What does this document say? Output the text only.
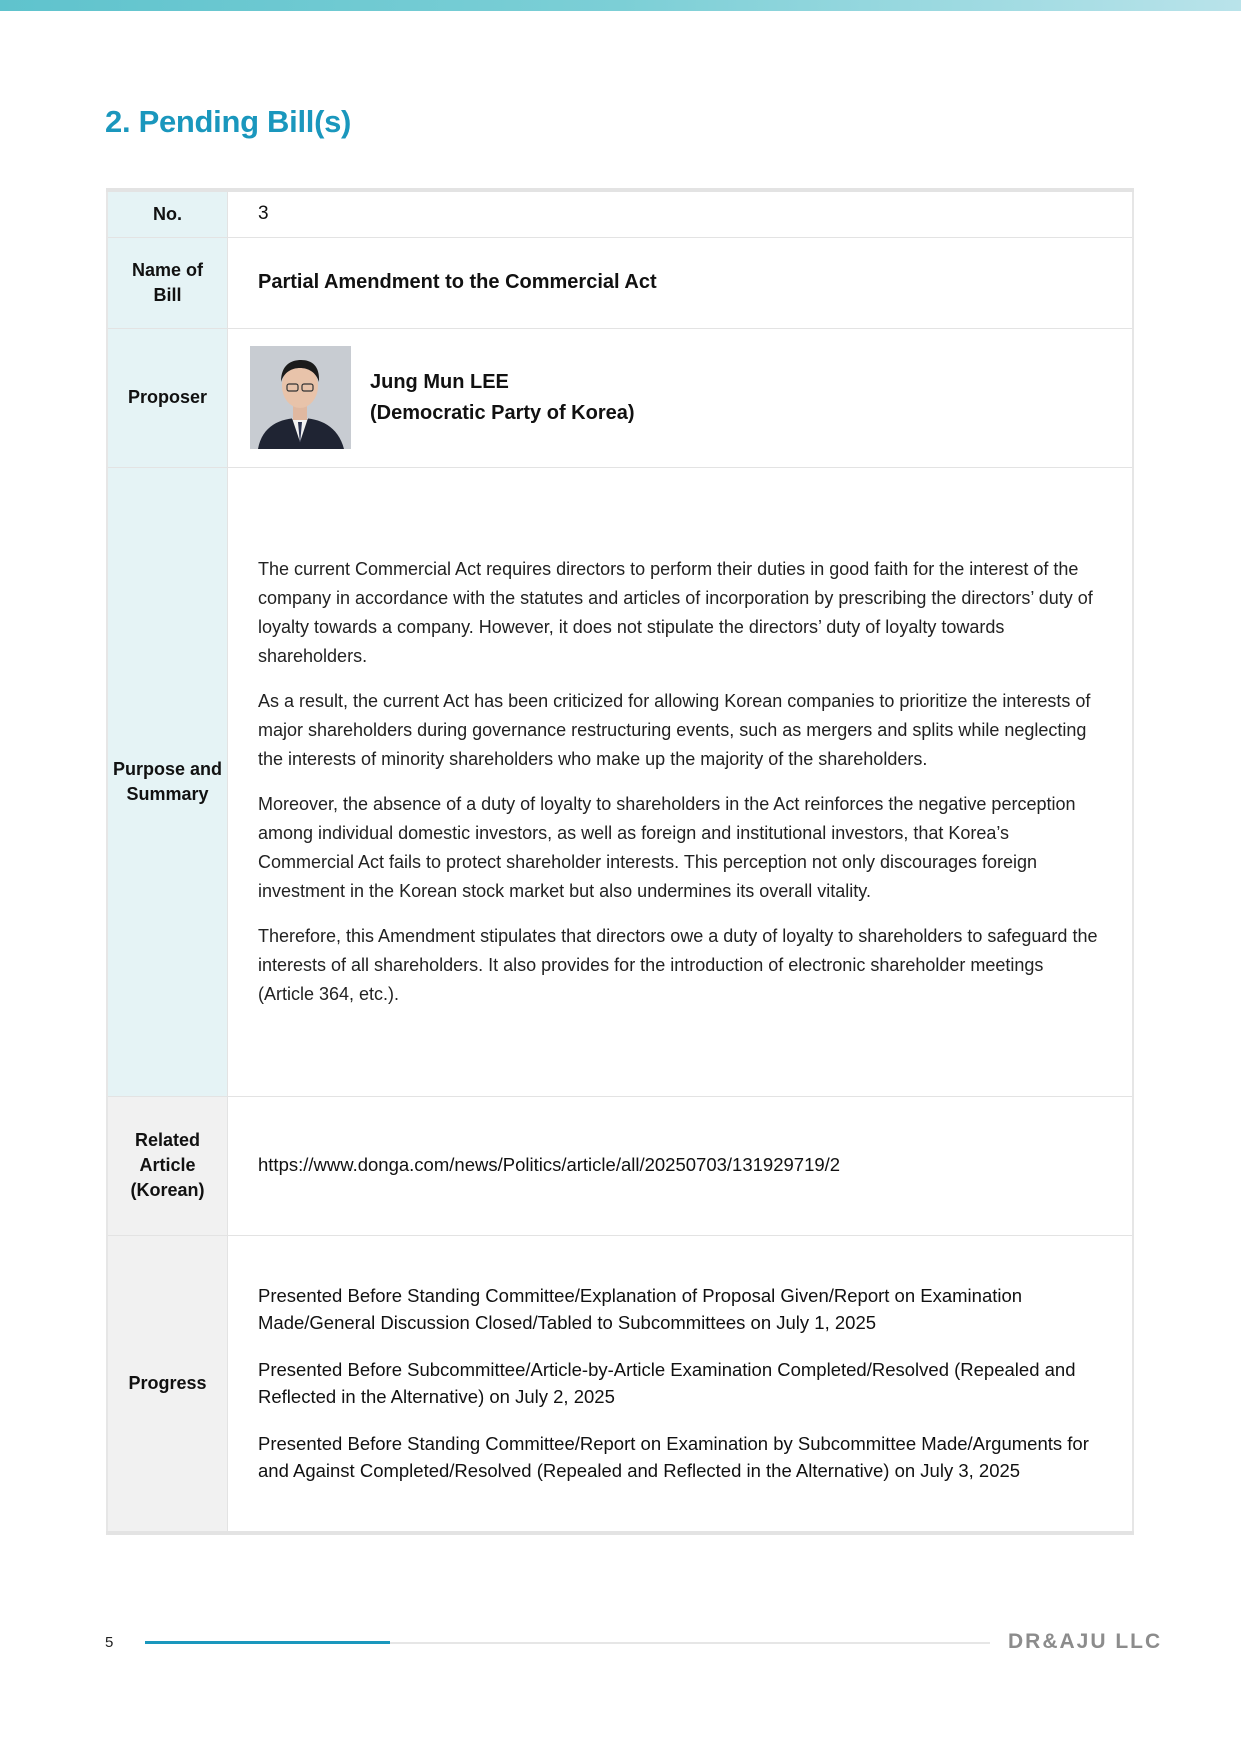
2. Pending Bill(s)
No.	3

Name of Bill	Partial Amendment to the Commercial Act
Proposer	Jung Mun LEE
(Democratic Party of Korea)

Purpose and Summary	The current Commercial Act requires directors to perform their duties in good faith for the interest of the company in accordance with the statutes and articles of incorporation by prescribing the directors’ duty of loyalty towards a company. However, it does not stipulate the directors’ duty of loyalty towards shareholders.

As a result, the current Act has been criticized for allowing Korean companies to prioritize the interests of major shareholders during governance restructuring events, such as mergers and splits while neglecting the interests of minority shareholders who make up the majority of the shareholders.

Moreover, the absence of a duty of loyalty to shareholders in the Act reinforces the negative perception among individual domestic investors, as well as foreign and institutional investors, that Korea’s Commercial Act fails to protect shareholder interests. This perception not only discourages foreign investment in the Korean stock market but also undermines its overall vitality.

Therefore, this Amendment stipulates that directors owe a duty of loyalty to shareholders to safeguard the interests of all shareholders. It also provides for the introduction of electronic shareholder meetings (Article 364, etc.).

Related Article (Korean)	https://www.donga.com/news/Politics/article/all/20250703/131929719/2
Progress	Presented Before Standing Committee/Explanation of Proposal Given/Report on Examination Made/General Discussion Closed/Tabled to Subcommittees on July 1, 2025

Presented Before Subcommittee/Article-by-Article Examination Completed/Resolved (Repealed and Reflected in the Alternative) on July 2, 2025

Presented Before Standing Committee/Report on Examination by Subcommittee Made/Arguments for and Against Completed/Resolved (Repealed and Reflected in the Alternative) on July 3, 2025

5	DR&AJU LLC
